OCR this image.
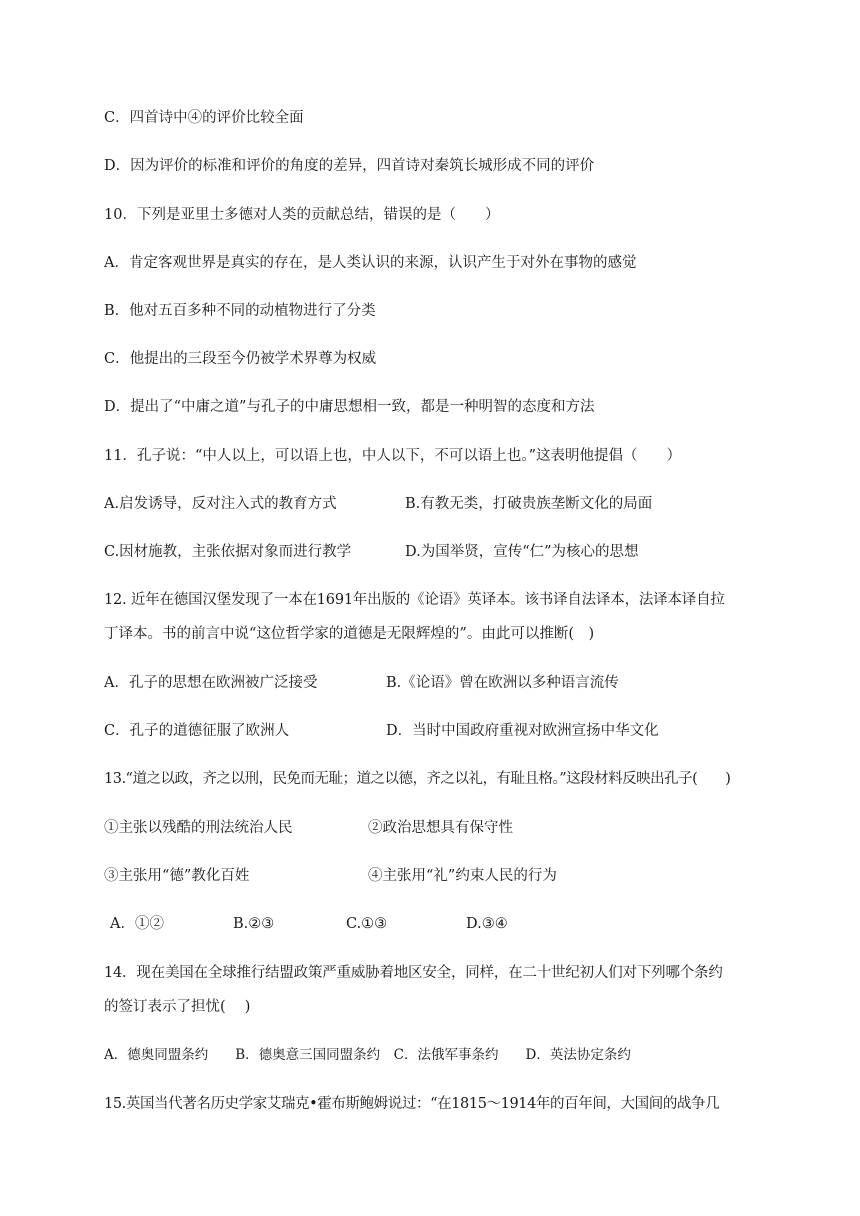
C．四首诗中④的评价比较全面
D．因为评价的标准和评价的角度的差异，四首诗对秦筑长城形成不同的评价
10．下列是亚里士多德对人类的贡献总结，错误的是（　　）
A．肯定客观世界是真实的存在，是人类认识的来源，认识产生于对外在事物的感觉
B．他对五百多种不同的动植物进行了分类
C．他提出的三段至今仍被学术界尊为权威
D．提出了“中庸之道”与孔子的中庸思想相一致，都是一种明智的态度和方法
11．孔子说：“中人以上，可以语上也，中人以下，不可以语上也。”这表明他提倡（　　）
A.启发诱导，反对注入式的教育方式	B.有教无类，打破贵族垄断文化的局面
C.因材施教，主张依据对象而进行教学	D.为国举贤，宣传“仁”为核心的思想
12. 近年在德国汉堡发现了一本在1691年出版的《论语》英译本。该书译自法译本，法译本译自拉
丁译本。书的前言中说“这位哲学家的道德是无限辉煌的”。由此可以推断(　)
A．孔子的思想在欧洲被广泛接受	B.《论语》曾在欧洲以多种语言流传
C．孔子的道德征服了欧洲人	D．当时中国政府重视对欧洲宣扬中华文化
13.“道之以政，齐之以刑，民免而无耻；道之以德，齐之以礼，有耻且格。”这段材料反映出孔子(　　)
①主张以残酷的刑法统治人民	②政治思想具有保守性
③主张用“德”教化百姓	④主张用“礼”约束人民的行为
A．①②	B.②③	C.①③	D.③④
14．现在美国在全球推行结盟政策严重威胁着地区安全，同样，在二十世纪初人们对下列哪个条约
的签订表示了担忧(　 )
A．德奥同盟条约　　B．德奥意三国同盟条约　C．法俄军事条约　　D．英法协定条约
15.英国当代著名历史学家艾瑞克•霍布斯鲍姆说过：“在1815～1914年的百年间，大国间的战争几
